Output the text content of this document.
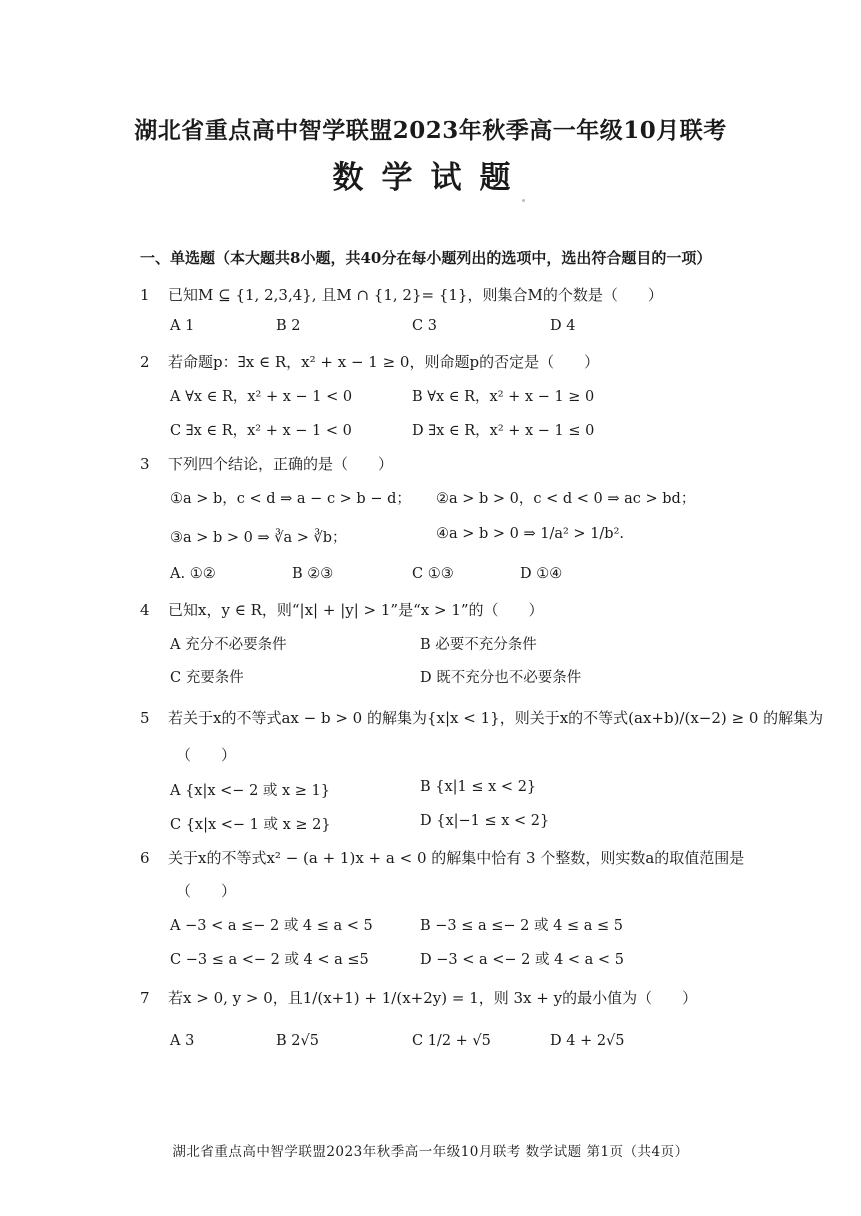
湖北省重点高中智学联盟2023年秋季高一年级10月联考
数学试题
一、单选题（本大题共8小题，共40分在每小题列出的选项中，选出符合题目的一项）
1 已知M ⊆ {1, 2,3,4}, 且M ∩ {1, 2}= {1}，则集合M的个数是（　　）
A 1	B 2	C 3	D 4
2 若命题p：∃x ∈ R，x² + x − 1 ≥ 0，则命题p的否定是（　　）
A ∀x ∈ R，x² + x − 1 < 0	B ∀x ∈ R，x² + x − 1 ≥ 0
C ∃x ∈ R，x² + x − 1 < 0	D ∃x ∈ R，x² + x − 1 ≤ 0
3 下列四个结论，正确的是（　　）
①a > b，c < d ⇒ a − c > b − d； ②a > b > 0，c < d < 0 ⇒ ac > bd；
③a > b > 0 ⇒ ∛a > ∛b；	④a > b > 0 ⇒ 1/a² > 1/b².
A. ①②	B ②③	C ①③	D ①④
4 已知x，y ∈ R，则“|x| + |y| > 1”是“x > 1”的（　　）
A 充分不必要条件	B 必要不充分条件
C 充要条件	D 既不充分也不必要条件
5 若关于x的不等式ax − b > 0 的解集为{x|x < 1}，则关于x的不等式(ax+b)/(x−2) ≥ 0 的解集为
（　　）
A {x|x <− 2 或 x ≥ 1}	B {x|1 ≤ x < 2}
C {x|x <− 1 或 x ≥ 2}	D {x|−1 ≤ x < 2}
6 关于x的不等式x² − (a + 1)x + a < 0 的解集中恰有 3 个整数，则实数a的取值范围是
（　　）
A −3 < a ≤− 2 或 4 ≤ a < 5	B −3 ≤ a ≤− 2 或 4 ≤ a ≤ 5
C −3 ≤ a <− 2 或 4 < a ≤5	D −3 < a <− 2 或 4 < a < 5
7 若x > 0, y > 0，且1/(x+1) + 1/(x+2y) = 1，则 3x + y的最小值为（　　）
A 3	B 2√5	C 1/2 + √5	D 4 + 2√5
湖北省重点高中智学联盟2023年秋季高一年级10月联考 数学试题 第1页（共4页）
